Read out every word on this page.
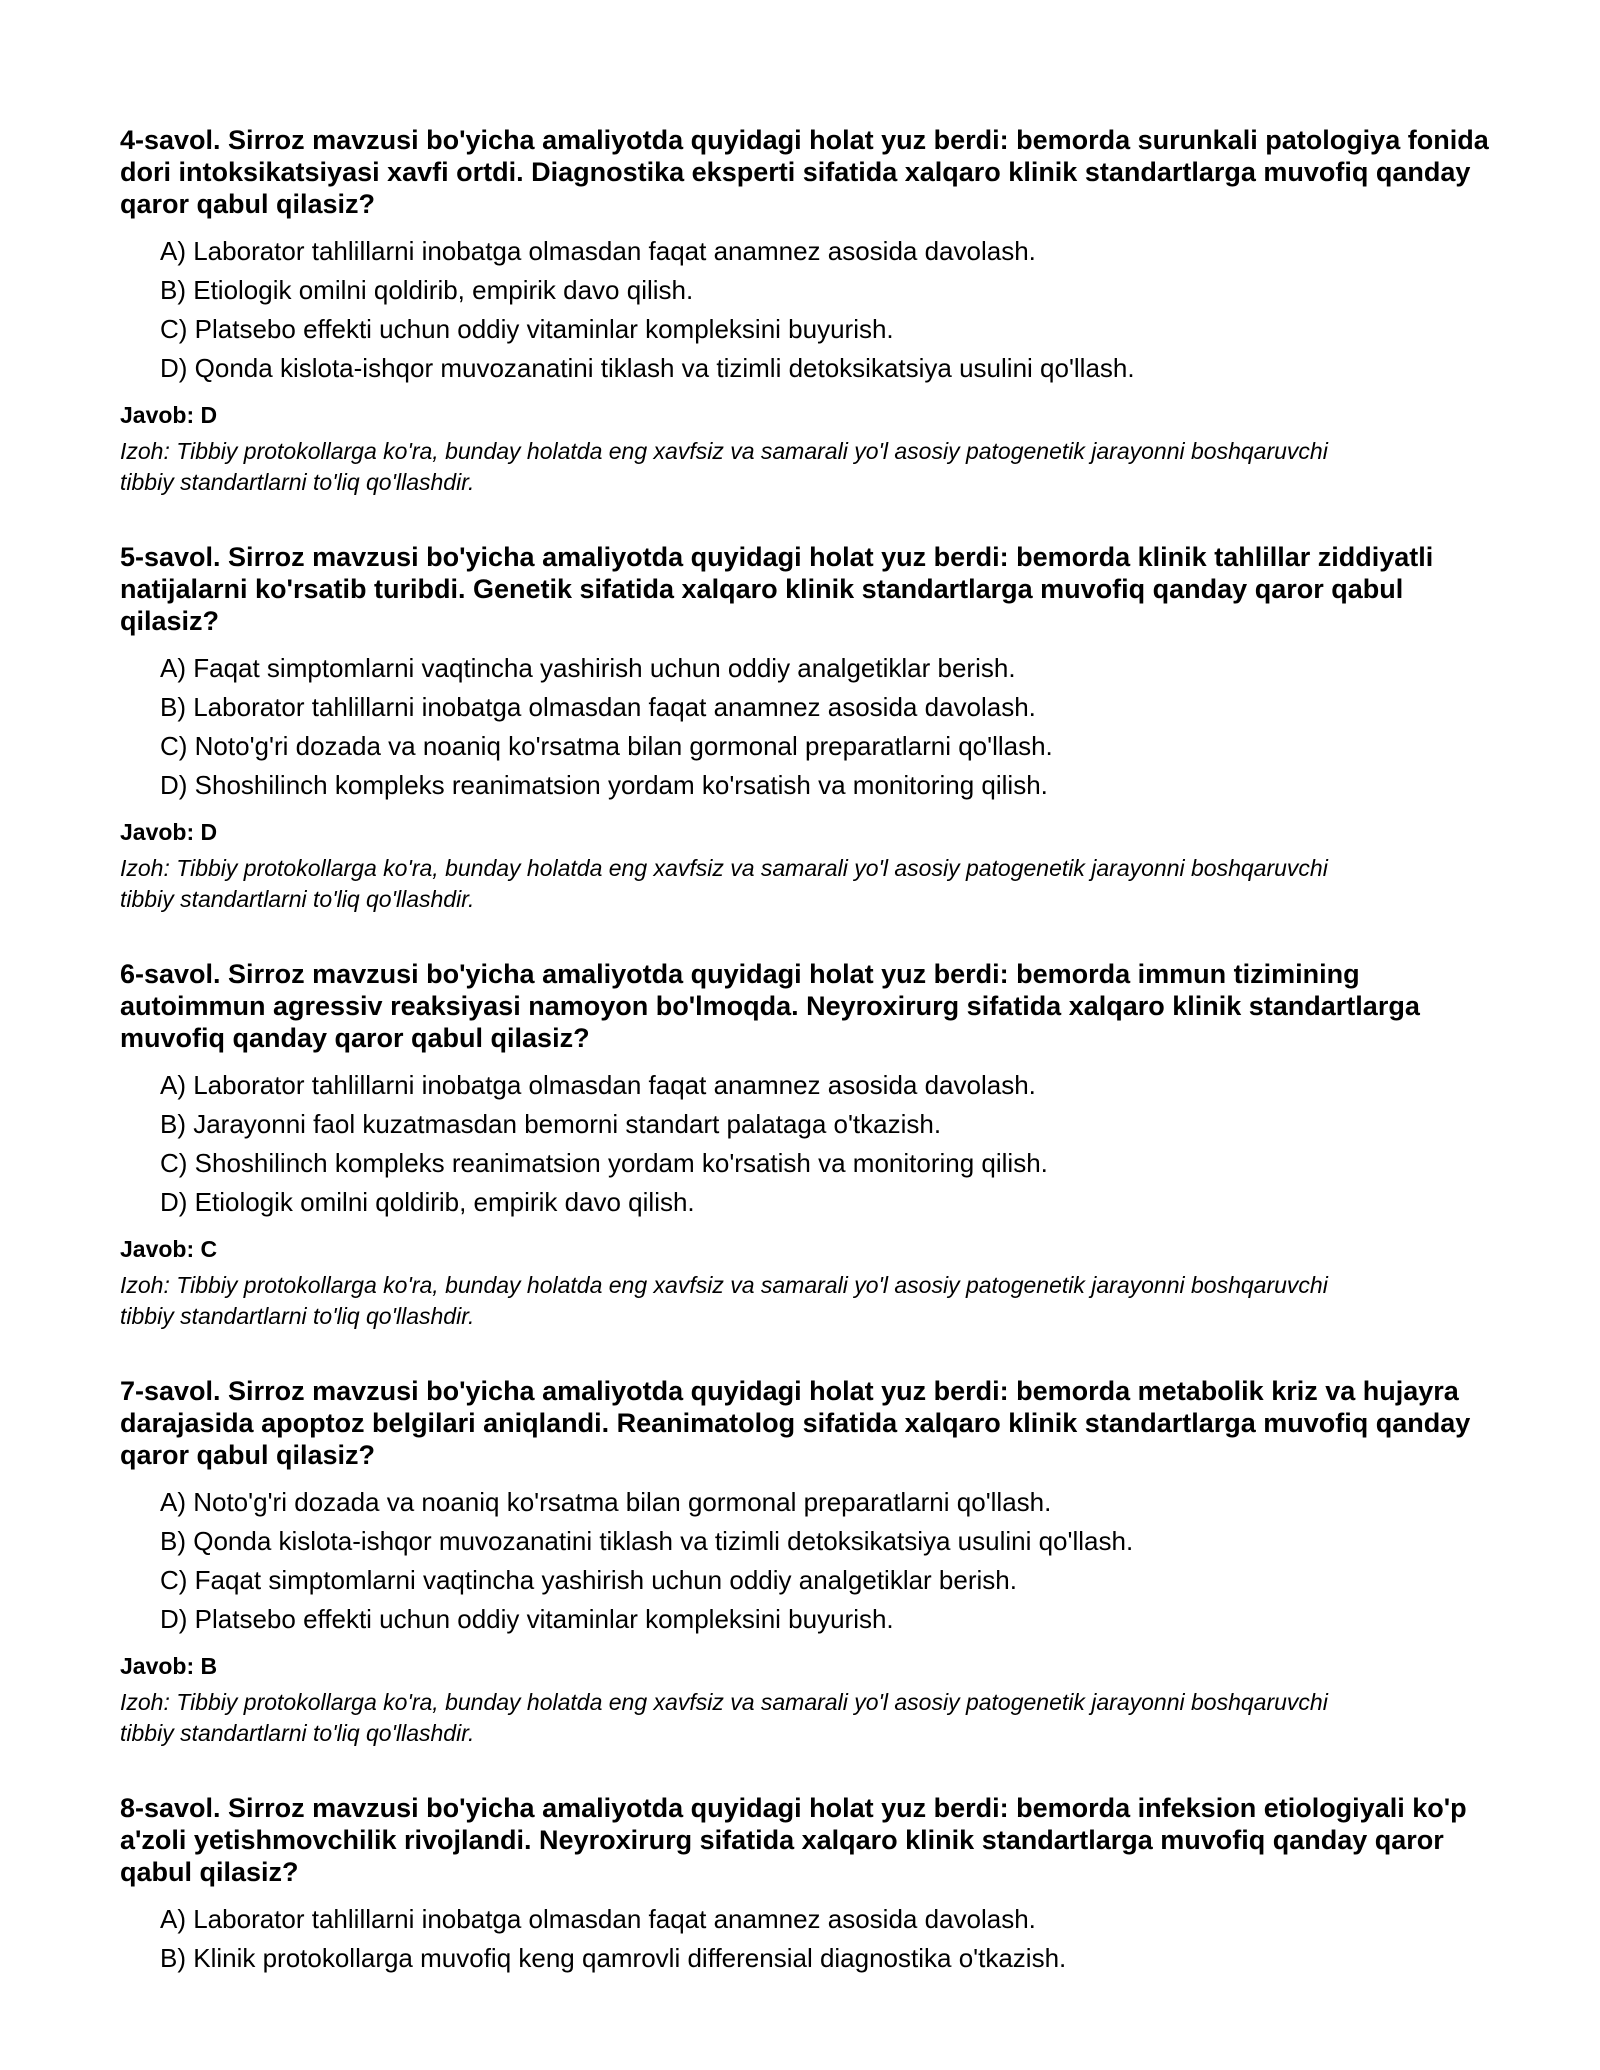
4-savol. Sirroz mavzusi bo'yicha amaliyotda quyidagi holat yuz berdi: bemorda surunkali patologiya fonida dori intoksikatsiyasi xavfi ortdi. Diagnostika eksperti sifatida xalqaro klinik standartlarga muvofiq qanday qaror qabul qilasiz?

A) Laborator tahlillarni inobatga olmasdan faqat anamnez asosida davolash.
B) Etiologik omilni qoldirib, empirik davo qilish.
C) Platsebo effekti uchun oddiy vitaminlar kompleksini buyurish.
D) Qonda kislota-ishqor muvozanatini tiklash va tizimli detoksikatsiya usulini qo'llash.

Javob: D

Izoh: Tibbiy protokollarga ko'ra, bunday holatda eng xavfsiz va samarali yo'l asosiy patogenetik jarayonni boshqaruvchi tibbiy standartlarni to'liq qo'llashdir.

5-savol. Sirroz mavzusi bo'yicha amaliyotda quyidagi holat yuz berdi: bemorda klinik tahlillar ziddiyatli natijalarni ko'rsatib turibdi. Genetik sifatida xalqaro klinik standartlarga muvofiq qanday qaror qabul qilasiz?

A) Faqat simptomlarni vaqtincha yashirish uchun oddiy analgetiklar berish.
B) Laborator tahlillarni inobatga olmasdan faqat anamnez asosida davolash.
C) Noto'g'ri dozada va noaniq ko'rsatma bilan gormonal preparatlarni qo'llash.
D) Shoshilinch kompleks reanimatsion yordam ko'rsatish va monitoring qilish.

Javob: D

Izoh: Tibbiy protokollarga ko'ra, bunday holatda eng xavfsiz va samarali yo'l asosiy patogenetik jarayonni boshqaruvchi tibbiy standartlarni to'liq qo'llashdir.

6-savol. Sirroz mavzusi bo'yicha amaliyotda quyidagi holat yuz berdi: bemorda immun tizimining autoimmun agressiv reaksiyasi namoyon bo'lmoqda. Neyroxirurg sifatida xalqaro klinik standartlarga muvofiq qanday qaror qabul qilasiz?

A) Laborator tahlillarni inobatga olmasdan faqat anamnez asosida davolash.
B) Jarayonni faol kuzatmasdan bemorni standart palataga o'tkazish.
C) Shoshilinch kompleks reanimatsion yordam ko'rsatish va monitoring qilish.
D) Etiologik omilni qoldirib, empirik davo qilish.

Javob: C

Izoh: Tibbiy protokollarga ko'ra, bunday holatda eng xavfsiz va samarali yo'l asosiy patogenetik jarayonni boshqaruvchi tibbiy standartlarni to'liq qo'llashdir.

7-savol. Sirroz mavzusi bo'yicha amaliyotda quyidagi holat yuz berdi: bemorda metabolik kriz va hujayra darajasida apoptoz belgilari aniqlandi. Reanimatolog sifatida xalqaro klinik standartlarga muvofiq qanday qaror qabul qilasiz?

A) Noto'g'ri dozada va noaniq ko'rsatma bilan gormonal preparatlarni qo'llash.
B) Qonda kislota-ishqor muvozanatini tiklash va tizimli detoksikatsiya usulini qo'llash.
C) Faqat simptomlarni vaqtincha yashirish uchun oddiy analgetiklar berish.
D) Platsebo effekti uchun oddiy vitaminlar kompleksini buyurish.

Javob: B

Izoh: Tibbiy protokollarga ko'ra, bunday holatda eng xavfsiz va samarali yo'l asosiy patogenetik jarayonni boshqaruvchi tibbiy standartlarni to'liq qo'llashdir.

8-savol. Sirroz mavzusi bo'yicha amaliyotda quyidagi holat yuz berdi: bemorda infeksion etiologiyali ko'p a'zoli yetishmovchilik rivojlandi. Neyroxirurg sifatida xalqaro klinik standartlarga muvofiq qanday qaror qabul qilasiz?

A) Laborator tahlillarni inobatga olmasdan faqat anamnez asosida davolash.
B) Klinik protokollarga muvofiq keng qamrovli differensial diagnostika o'tkazish.
